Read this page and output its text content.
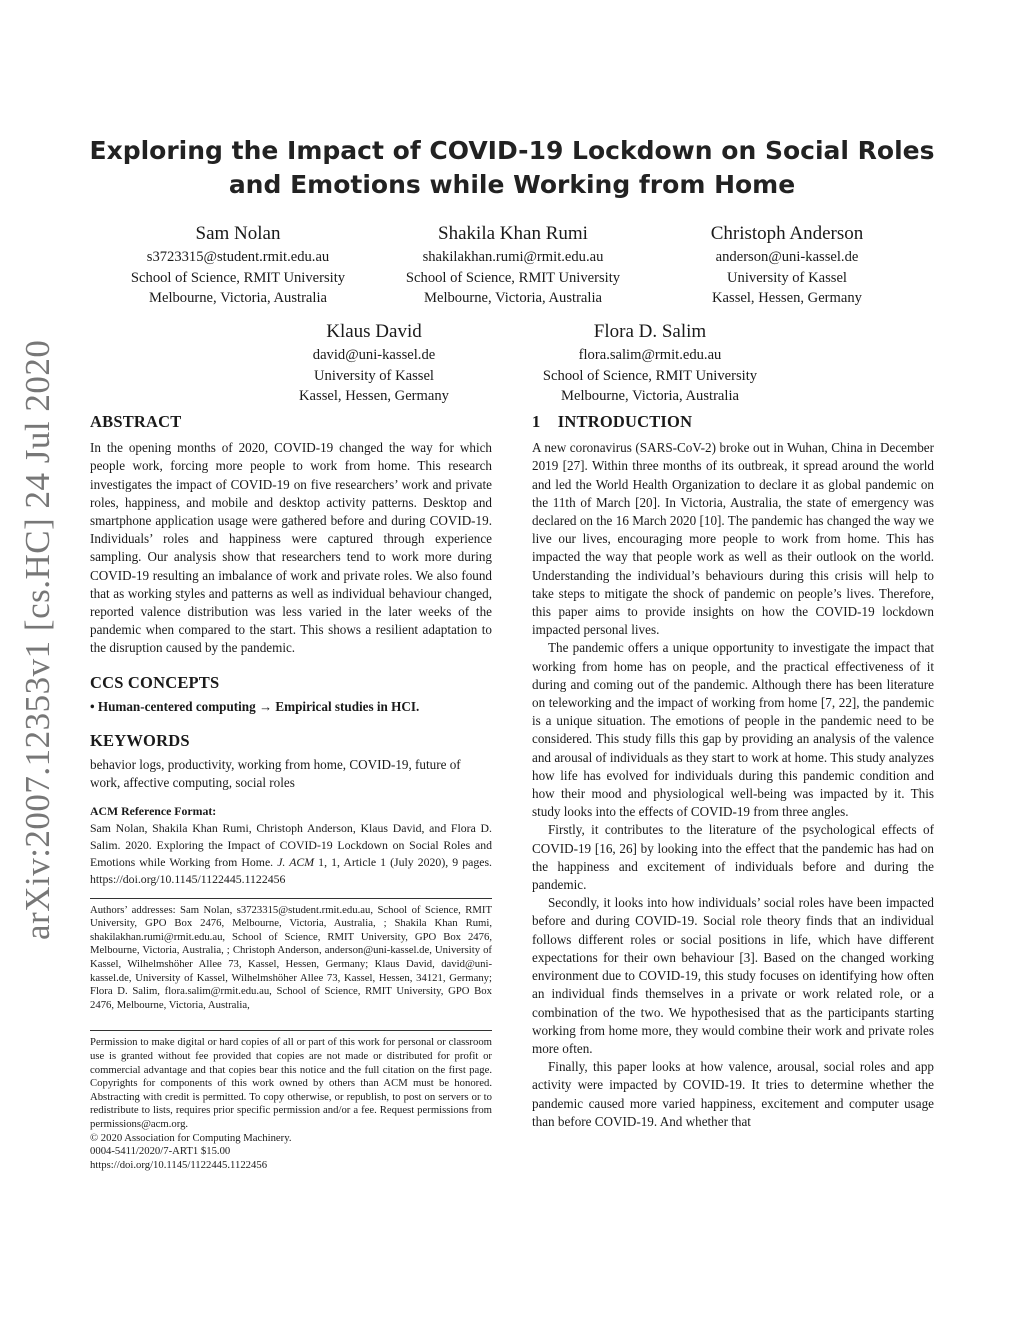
arXiv:2007.12353v1 [cs.HC] 24 Jul 2020
Exploring the Impact of COVID-19 Lockdown on Social Roles
and Emotions while Working from Home
Sam Nolan
s3723315@student.rmit.edu.au
School of Science, RMIT University
Melbourne, Victoria, Australia
Shakila Khan Rumi
shakilakhan.rumi@rmit.edu.au
School of Science, RMIT University
Melbourne, Victoria, Australia
Christoph Anderson
anderson@uni-kassel.de
University of Kassel
Kassel, Hessen, Germany
Klaus David
david@uni-kassel.de
University of Kassel
Kassel, Hessen, Germany
Flora D. Salim
flora.salim@rmit.edu.au
School of Science, RMIT University
Melbourne, Victoria, Australia
ABSTRACT

In the opening months of 2020, COVID-19 changed the way for which people work, forcing more people to work from home. This research investigates the impact of COVID-19 on five researchers’ work and private roles, happiness, and mobile and desktop activity patterns. Desktop and smartphone application usage were gathered before and during COVID-19. Individuals’ roles and happiness were captured through experience sampling. Our analysis show that researchers tend to work more during COVID-19 resulting an imbalance of work and private roles. We also found that as working styles and patterns as well as individual behaviour changed, reported valence distribution was less varied in the later weeks of the pandemic when compared to the start. This shows a resilient adaptation to the disruption caused by the pandemic.

CCS CONCEPTS

• Human-centered computing → Empirical studies in HCI.

KEYWORDS

behavior logs, productivity, working from home, COVID-19, future of work, affective computing, social roles

ACM Reference Format:
Sam Nolan, Shakila Khan Rumi, Christoph Anderson, Klaus David, and Flora D. Salim. 2020. Exploring the Impact of COVID-19 Lockdown on Social Roles and Emotions while Working from Home. J. ACM 1, 1, Article 1 (July 2020), 9 pages. https://doi.org/10.1145/1122445.1122456
Authors’ addresses: Sam Nolan, s3723315@student.rmit.edu.au, School of Science, RMIT University, GPO Box 2476, Melbourne, Victoria, Australia, ; Shakila Khan Rumi, shakilakhan.rumi@rmit.edu.au, School of Science, RMIT University, GPO Box 2476, Melbourne, Victoria, Australia, ; Christoph Anderson, anderson@uni-kassel.de, University of Kassel, Wilhelmshöher Allee 73, Kassel, Hessen, Germany; Klaus David, david@uni-kassel.de, University of Kassel, Wilhelmshöher Allee 73, Kassel, Hessen, 34121, Germany; Flora D. Salim, flora.salim@rmit.edu.au, School of Science, RMIT University, GPO Box 2476, Melbourne, Victoria, Australia,
Permission to make digital or hard copies of all or part of this work for personal or classroom use is granted without fee provided that copies are not made or distributed for profit or commercial advantage and that copies bear this notice and the full citation on the first page. Copyrights for components of this work owned by others than ACM must be honored. Abstracting with credit is permitted. To copy otherwise, or republish, to post on servers or to redistribute to lists, requires prior specific permission and/or a fee. Request permissions from permissions@acm.org.
© 2020 Association for Computing Machinery.
0004-5411/2020/7-ART1 $15.00
https://doi.org/10.1145/1122445.1122456
1 INTRODUCTION

A new coronavirus (SARS-CoV-2) broke out in Wuhan, China in December 2019 [27]. Within three months of its outbreak, it spread around the world and led the World Health Organization to declare it as global pandemic on the 11th of March [20]. In Victoria, Australia, the state of emergency was declared on the 16 March 2020 [10]. The pandemic has changed the way we live our lives, encouraging more people to work from home. This has impacted the way that people work as well as their outlook on the world. Understanding the individual’s behaviours during this crisis will help to take steps to mitigate the shock of pandemic on people’s lives. Therefore, this paper aims to provide insights on how the COVID-19 lockdown impacted personal lives.

The pandemic offers a unique opportunity to investigate the impact that working from home has on people, and the practical effectiveness of it during and coming out of the pandemic. Although there has been literature on teleworking and the impact of working from home [7, 22], the pandemic is a unique situation. The emotions of people in the pandemic need to be considered. This study fills this gap by providing an analysis of the valence and arousal of individuals as they start to work at home. This study analyzes how life has evolved for individuals during this pandemic condition and how their mood and physiological well-being was impacted by it. This study looks into the effects of COVID-19 from three angles.

Firstly, it contributes to the literature of the psychological effects of COVID-19 [16, 26] by looking into the effect that the pandemic has had on the happiness and excitement of individuals before and during the pandemic.

Secondly, it looks into how individuals’ social roles have been impacted before and during COVID-19. Social role theory finds that an individual follows different roles or social positions in life, which have different expectations for their own behaviour [3]. Based on the changed working environment due to COVID-19, this study focuses on identifying how often an individual finds themselves in a private or work related role, or a combination of the two. We hypothesised that as the participants starting working from home more, they would combine their work and private roles more often.

Finally, this paper looks at how valence, arousal, social roles and app activity were impacted by COVID-19. It tries to determine whether the pandemic caused more varied happiness, excitement and computer usage than before COVID-19. And whether that
